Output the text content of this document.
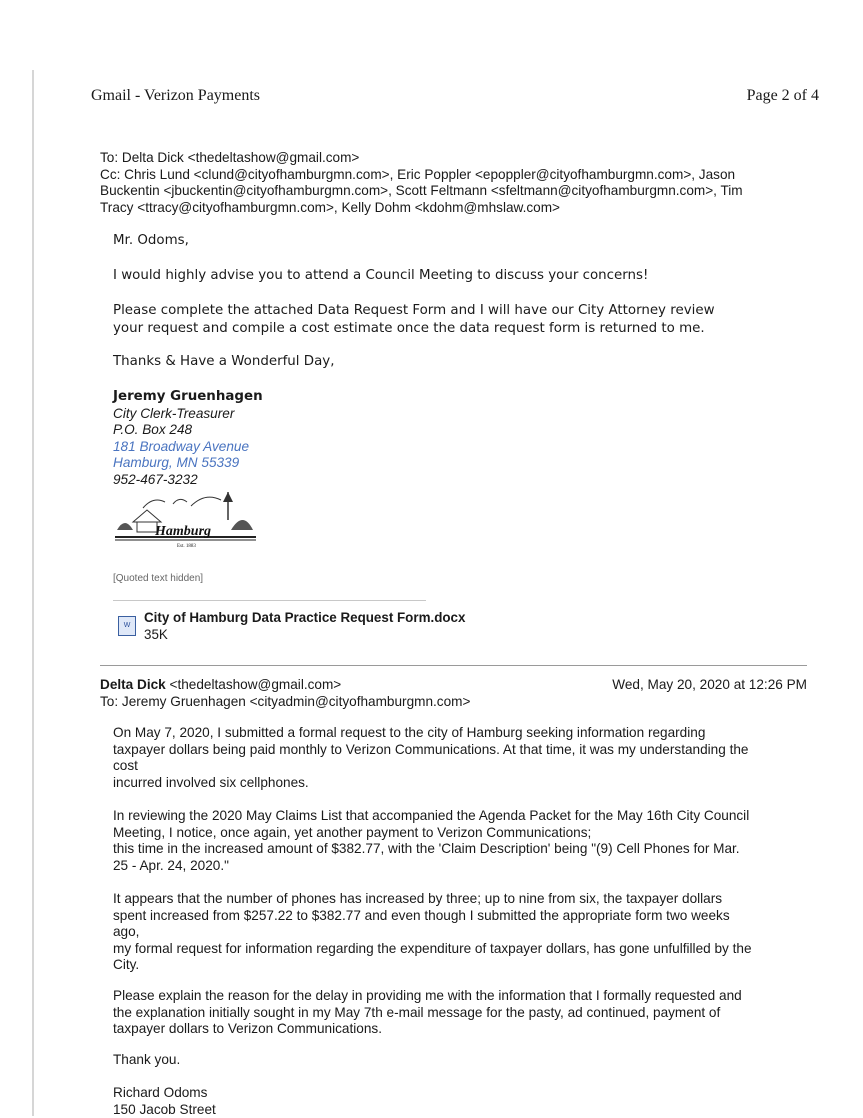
Gmail - Verizon Payments	Page 2 of 4
To: Delta Dick <thedeltashow@gmail.com>
Cc: Chris Lund <clund@cityofhamburgmn.com>, Eric Poppler <epoppler@cityofhamburgmn.com>, Jason
Buckentin <jbuckentin@cityofhamburgmn.com>, Scott Feltmann <sfeltmann@cityofhamburgmn.com>, Tim
Tracy <ttracy@cityofhamburgmn.com>, Kelly Dohm <kdohm@mhslaw.com>
Mr. Odoms,
I would highly advise you to attend a Council Meeting to discuss your concerns!
Please complete the attached Data Request Form and I will have our City Attorney review
your request and compile a cost estimate once the data request form is returned to me.
Thanks & Have a Wonderful Day,
Jeremy Gruenhagen
City Clerk-Treasurer
P.O. Box 248
181 Broadway Avenue
Hamburg, MN 55339
952-467-3232
Hamburg
Est. 1883
[Quoted text hidden]
W
City of Hamburg Data Practice Request Form.docx
35K
Delta Dick <thedeltashow@gmail.com>
To: Jeremy Gruenhagen <cityadmin@cityofhamburgmn.com>
Wed, May 20, 2020 at 12:26 PM
On May 7, 2020, I submitted a formal request to the city of Hamburg seeking information regarding
taxpayer dollars being paid monthly to Verizon Communications. At that time, it was my understanding the
cost
incurred involved six cellphones.
In reviewing the 2020 May Claims List that accompanied the Agenda Packet for the May 16th City Council
Meeting, I notice, once again, yet another payment to Verizon Communications;
this time in the increased amount of $382.77, with the 'Claim Description' being "(9) Cell Phones for Mar.
25 - Apr. 24, 2020."
It appears that the number of phones has increased by three; up to nine from six, the taxpayer dollars
spent increased from $257.22 to $382.77 and even though I submitted the appropriate form two weeks
ago,
my formal request for information regarding the expenditure of taxpayer dollars, has gone unfulfilled by the
City.
Please explain the reason for the delay in providing me with the information that I formally requested and
the explanation initially sought in my May 7th e-mail message for the pasty, ad continued, payment of
taxpayer dollars to Verizon Communications.
Thank you.
Richard Odoms
150 Jacob Street
